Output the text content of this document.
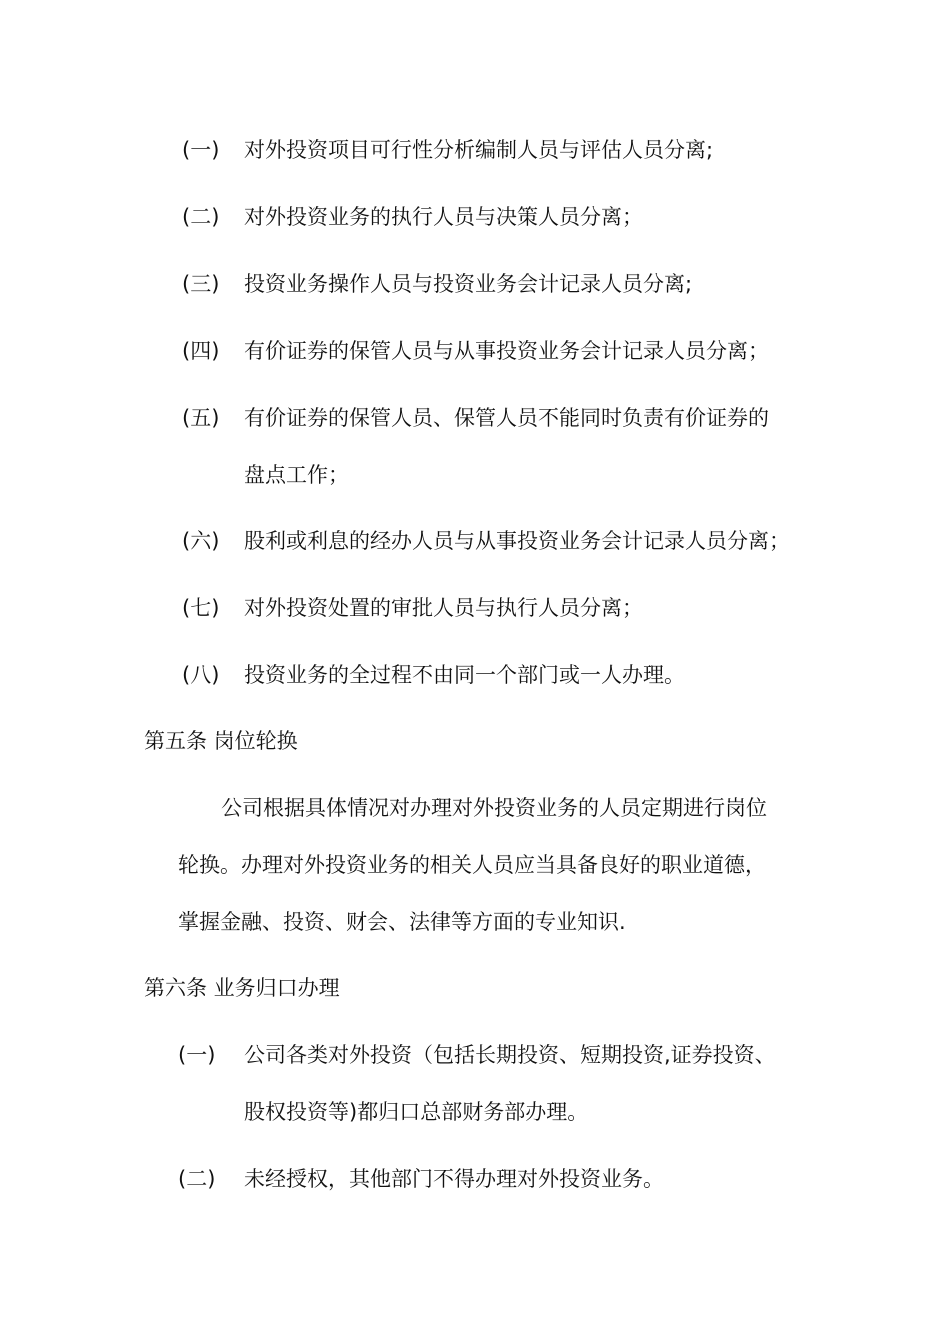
(一) 对外投资项目可行性分析编制人员与评估人员分离;
(二) 对外投资业务的执行人员与决策人员分离；
(三) 投资业务操作人员与投资业务会计记录人员分离;
(四) 有价证券的保管人员与从事投资业务会计记录人员分离；
(五) 有价证券的保管人员、保管人员不能同时负责有价证券的
盘点工作；
(六) 股利或利息的经办人员与从事投资业务会计记录人员分离；
(七) 对外投资处置的审批人员与执行人员分离；
(八) 投资业务的全过程不由同一个部门或一人办理。
第五条 岗位轮换
公司根据具体情况对办理对外投资业务的人员定期进行岗位
轮换。办理对外投资业务的相关人员应当具备良好的职业道德，
掌握金融、投资、财会、法律等方面的专业知识.
第六条 业务归口办理
(一) 公司各类对外投资（包括长期投资、短期投资,证券投资、
股权投资等)都归口总部财务部办理。
(二) 未经授权，其他部门不得办理对外投资业务。
